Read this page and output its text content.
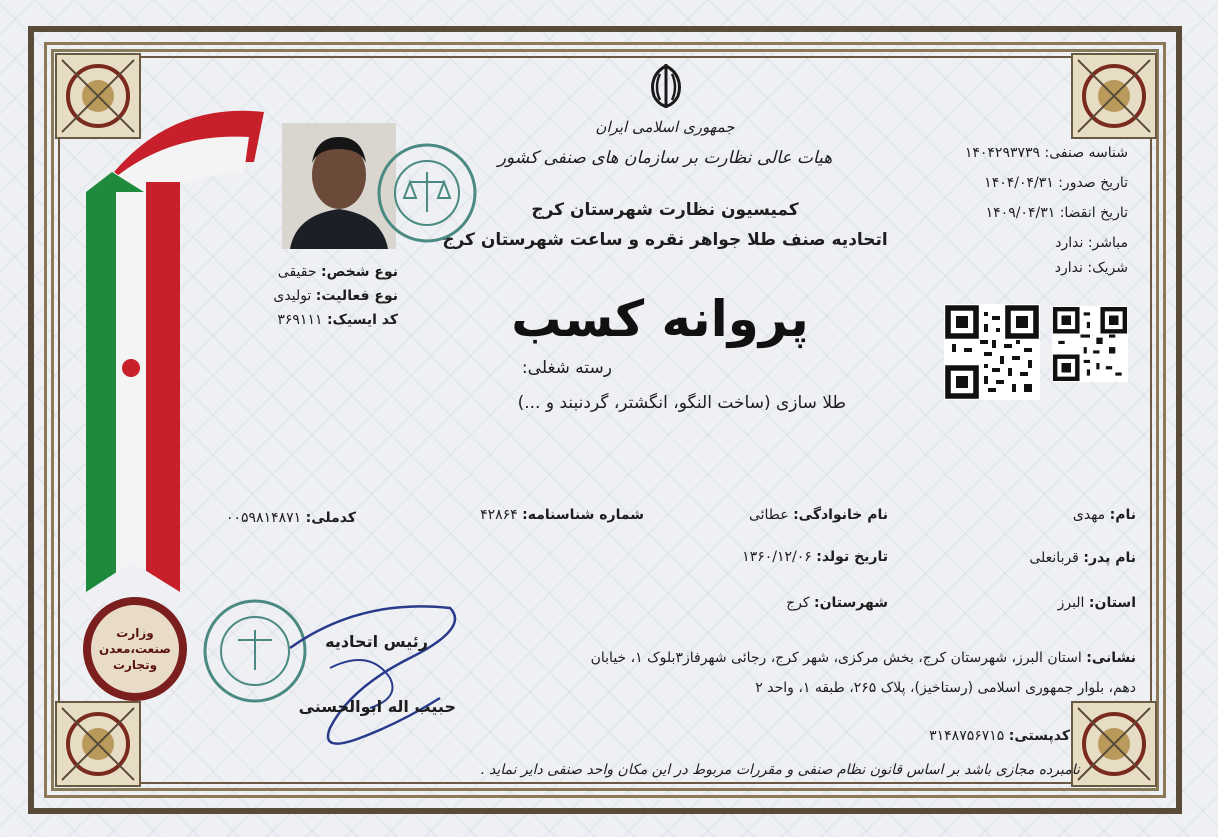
جمهوری اسلامی ایران
هیات عالی نظارت بر سازمان های صنفی کشور
کمیسیون نظارت شهرستان کرج
اتحادیه صنف طلا جواهر نقره و ساعت شهرستان کرج
پروانه کسب
رسته شغلی:
طلا سازی (ساخت النگو، انگشتر، گردنبند و ...)
نوع شخص: حقیقی
نوع فعالیت: تولیدی
کد ایسیک: ۳۶۹۱۱۱
شناسه صنفی: ۱۴۰۴۲۹۳۷۳۹
تاریخ صدور: ۱۴۰۴/۰۴/۳۱
تاریخ انقضا: ۱۴۰۹/۰۴/۳۱
مباشر: ندارد
شریک: ندارد
نام: مهدی
نام خانوادگی: عطائی
شماره شناسنامه: ۴۲۸۶۴
کدملی: ۰۰۵۹۸۱۴۸۷۱
نام پدر: قربانعلی
تاریخ تولد: ۱۳۶۰/۱۲/۰۶
استان: البرز
شهرستان: کرج
نشانی: استان البرز، شهرستان کرج، بخش مرکزی، شهر کرج، رجائی شهرفاز۳بلوک ۱، خیابان
دهم، بلوار جمهوری اسلامی (رستاخیز)، پلاک ۲۶۵، طبقه ۱، واحد ۲
کدپستی: ۳۱۴۸۷۵۶۷۱۵
رئیس اتحادیه
حبیب اله ابوالحسنی
وزارت
صنعت،معدن
وتجارت
نامبرده مجازی باشد بر اساس قانون نظام صنفی و مقررات مربوط در این مکان واحد صنفی دایر نماید .
